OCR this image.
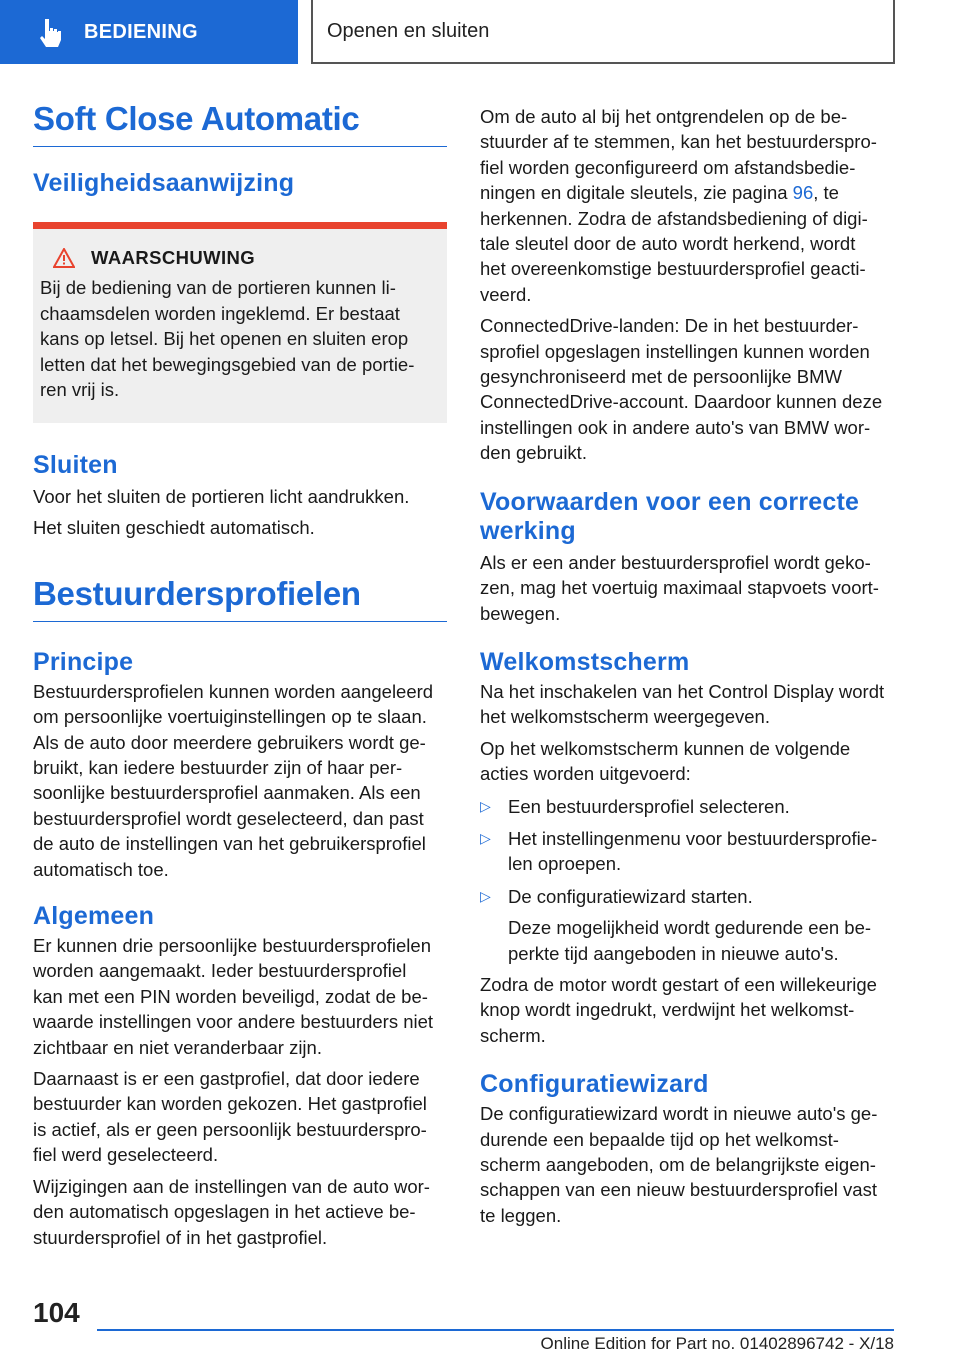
BEDIENING	Openen en sluiten
Soft Close Automatic
Veiligheidsaanwijzing
WAARSCHUWING

Bij de bediening van de portieren kunnen li‐
chaamsdelen worden ingeklemd. Er bestaat
kans op letsel. Bij het openen en sluiten erop
letten dat het bewegingsgebied van de portie‐
ren vrij is.

Sluiten

Voor het sluiten de portieren licht aandrukken.

Het sluiten geschiedt automatisch.

Bestuurdersprofielen
Principe

Bestuurdersprofielen kunnen worden aangeleerd
om persoonlijke voertuiginstellingen op te slaan.
Als de auto door meerdere gebruikers wordt ge‐
bruikt, kan iedere bestuurder zijn of haar per‐
soonlijke bestuurdersprofiel aanmaken. Als een
bestuurdersprofiel wordt geselecteerd, dan past
de auto de instellingen van het gebruikersprofiel
automatisch toe.

Algemeen

Er kunnen drie persoonlijke bestuurdersprofielen
worden aangemaakt. Ieder bestuurdersprofiel
kan met een PIN worden beveiligd, zodat de be‐
waarde instellingen voor andere bestuurders niet
zichtbaar en niet veranderbaar zijn.

Daarnaast is er een gastprofiel, dat door iedere
bestuurder kan worden gekozen. Het gastprofiel
is actief, als er geen persoonlijk bestuurderspro‐
fiel werd geselecteerd.

Wijzigingen aan de instellingen van de auto wor‐
den automatisch opgeslagen in het actieve be‐
stuurdersprofiel of in het gastprofiel.

Om de auto al bij het ontgrendelen op de be‐
stuurder af te stemmen, kan het bestuurderspro‐
fiel worden geconfigureerd om afstandsbedie‐
ningen en digitale sleutels, zie pagina 96, te
herkennen. Zodra de afstandsbediening of digi‐
tale sleutel door de auto wordt herkend, wordt
het overeenkomstige bestuurdersprofiel geacti‐
veerd.

ConnectedDrive-landen: De in het bestuurder‐
sprofiel opgeslagen instellingen kunnen worden
gesynchroniseerd met de persoonlijke BMW
ConnectedDrive-account. Daardoor kunnen deze
instellingen ook in andere auto's van BMW wor‐
den gebruikt.

Voorwaarden voor een correcte
werking

Als er een ander bestuurdersprofiel wordt geko‐
zen, mag het voertuig maximaal stapvoets voort‐
bewegen.

Welkomstscherm

Na het inschakelen van het Control Display wordt
het welkomstscherm weergegeven.

Op het welkomstscherm kunnen de volgende
acties worden uitgevoerd:

▷ Een bestuurdersprofiel selecteren.

▷ Het instellingenmenu voor bestuurdersprofie‐
len oproepen.

▷ De configuratiewizard starten.

Deze mogelijkheid wordt gedurende een be‐
perkte tijd aangeboden in nieuwe auto's.

Zodra de motor wordt gestart of een willekeurige
knop wordt ingedrukt, verdwijnt het welkomst‐
scherm.

Configuratiewizard

De configuratiewizard wordt in nieuwe auto's ge‐
durende een bepaalde tijd op het welkomst‐
scherm aangeboden, om de belangrijkste eigen‐
schappen van een nieuw bestuurdersprofiel vast
te leggen.

104
Online Edition for Part no. 01402896742 - X/18
